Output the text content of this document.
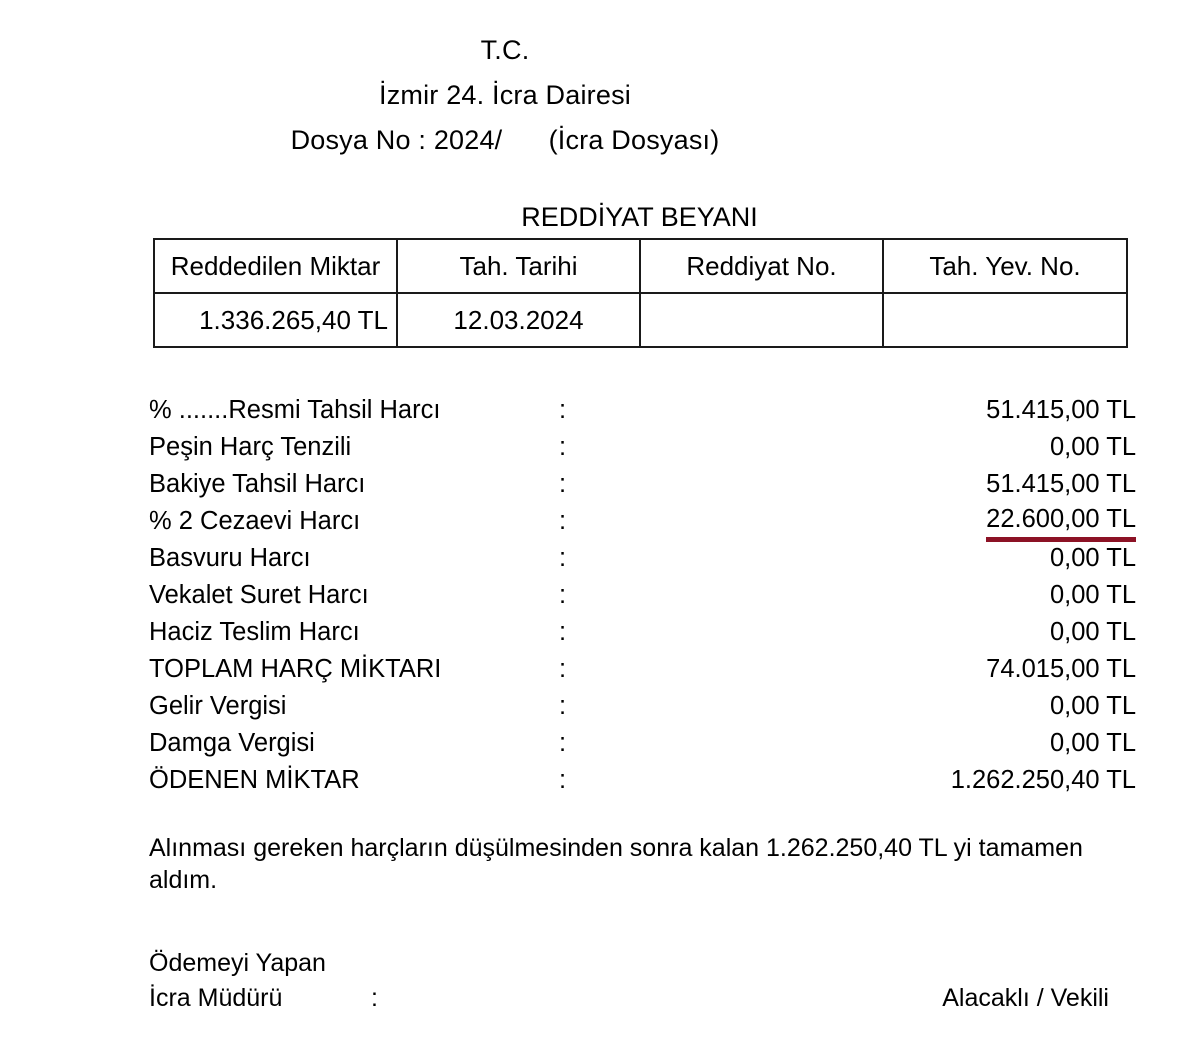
T.C.
İzmir 24. İcra Dairesi
Dosya No : 2024/      (İcra Dosyası)
REDDİYAT BEYANI
Reddedilen Miktar	Tah. Tarihi	Reddiyat No.	Tah. Yev. No.
1.336.265,40 TL	12.03.2024		
% .......Resmi Tahsil Harcı	:	51.415,00 TL
Peşin Harç Tenzili	:	0,00 TL
Bakiye Tahsil Harcı	:	51.415,00 TL
% 2 Cezaevi Harcı	:	22.600,00 TL
Basvuru Harcı	:	0,00 TL
Vekalet Suret Harcı	:	0,00 TL
Haciz Teslim Harcı	:	0,00 TL
TOPLAM HARÇ MİKTARI	:	74.015,00 TL
Gelir Vergisi	:	0,00 TL
Damga Vergisi	:	0,00 TL
ÖDENEN MİKTAR	:	1.262.250,40 TL
Alınması gereken harçların düşülmesinden sonra kalan 1.262.250,40 TL yi tamamen aldım.
Ödemeyi Yapan
İcra Müdürü	:	Alacaklı / Vekili
